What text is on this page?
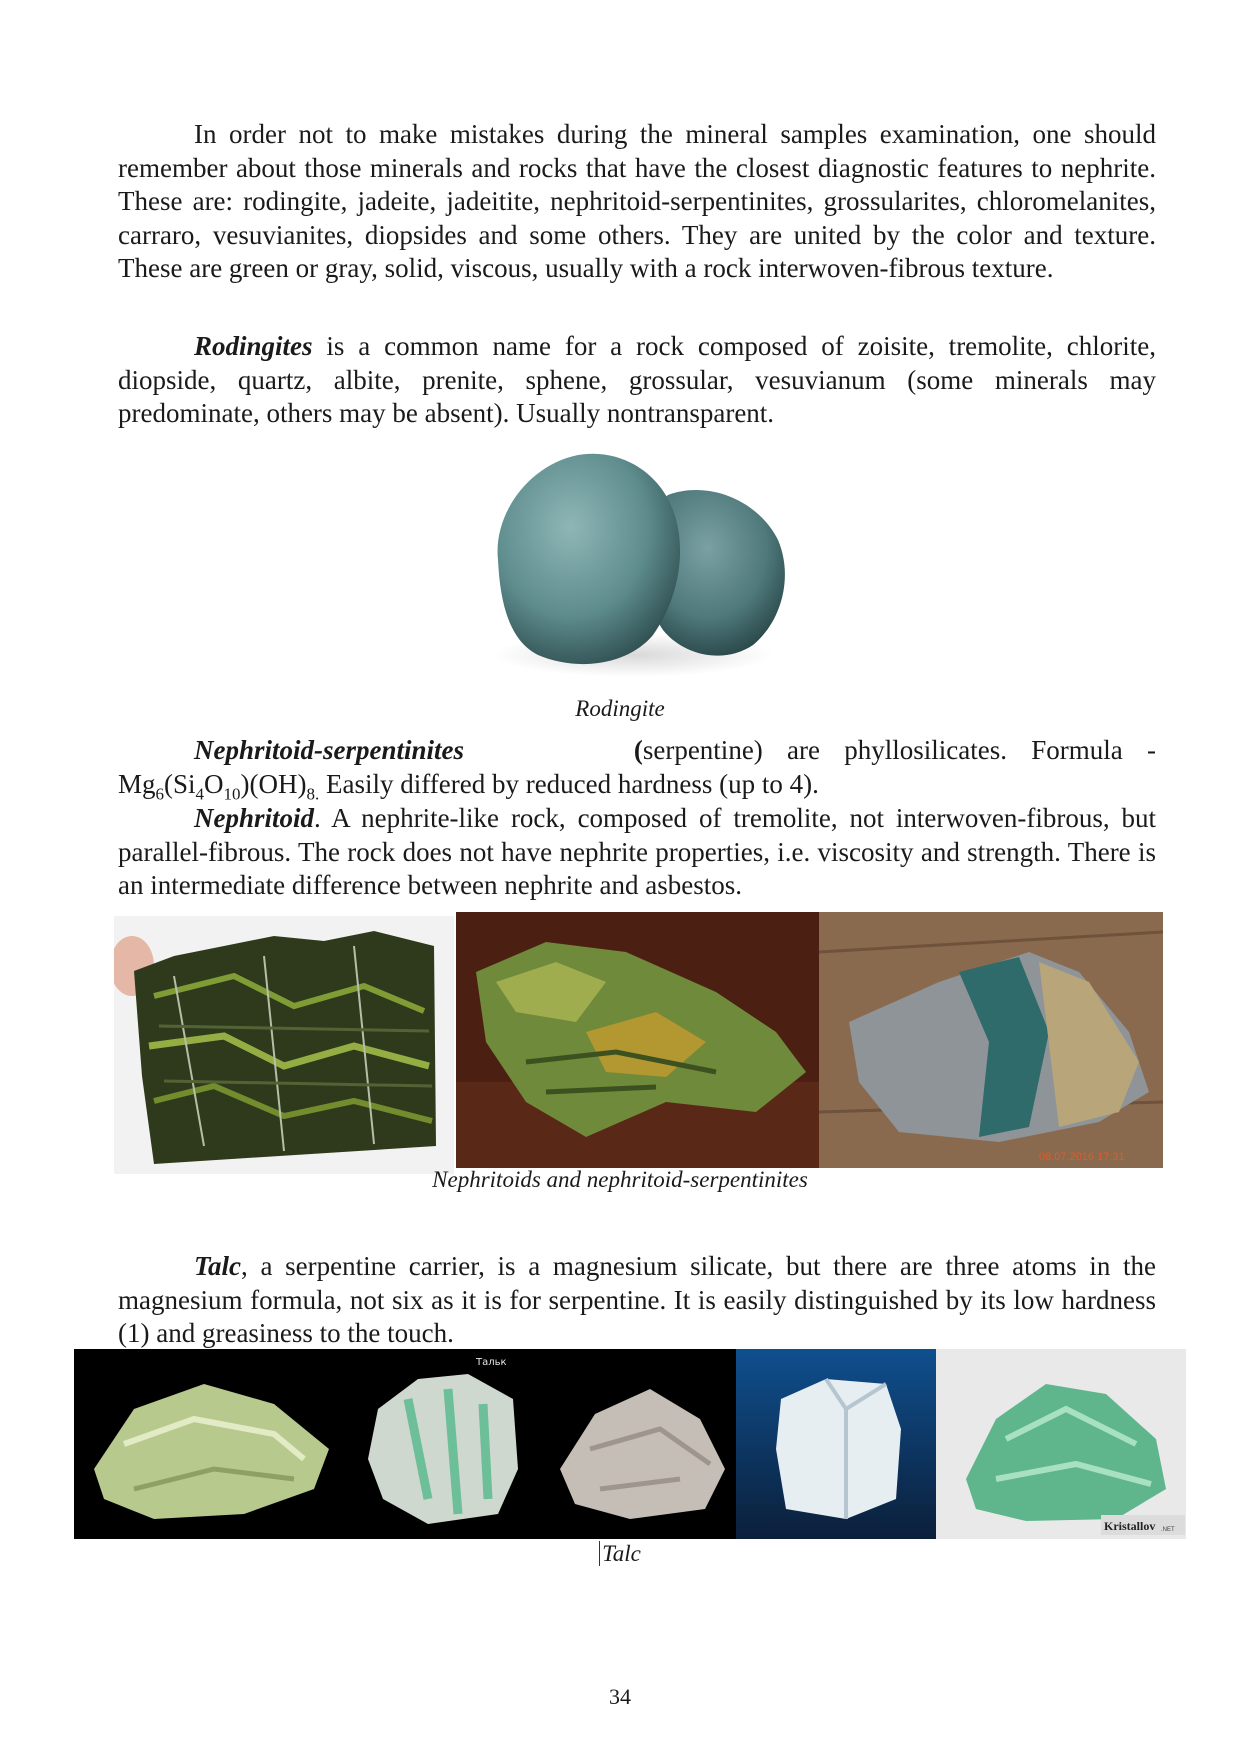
In order not to make mistakes during the mineral samples examination, one should remember about those minerals and rocks that have the closest diagnostic features to nephrite. These are: rodingite, jadeite, jadeitite, nephritoid-serpentinites, grossularites, chloromelanites, carraro, vesuvianites, diopsides and some others. They are united by the color and texture. These are green or gray, solid, viscous, usually with a rock interwoven-fibrous texture.

Rodingites is a common name for a rock composed of zoisite, tremolite, chlorite, diopside, quartz, albite, prenite, sphene, grossular, vesuvianum (some minerals may predominate, others may be absent). Usually nontransparent.

Rodingite

Nephritoid-serpentinites	(serpentine) are phyllosilicates. Formula -
$Mg_6(Si_4O_{10})(OH)_{8.}$ Easily differed by reduced hardness (up to 4).

Nephritoid. A nephrite-like rock, composed of tremolite, not interwoven-fibrous, but parallel-fibrous. The rock does not have nephrite properties, i.e. viscosity and strength. There is an intermediate difference between nephrite and asbestos.

08.07.2016 17:31

Nephritoids and nephritoid-serpentinites

Talc, a serpentine carrier, is a magnesium silicate, but there are three atoms in the magnesium formula, not six as it is for serpentine. It is easily distinguished by its low hardness (1) and greasiness to the touch.

Тальк
Kristallov .NET

Talc

34
